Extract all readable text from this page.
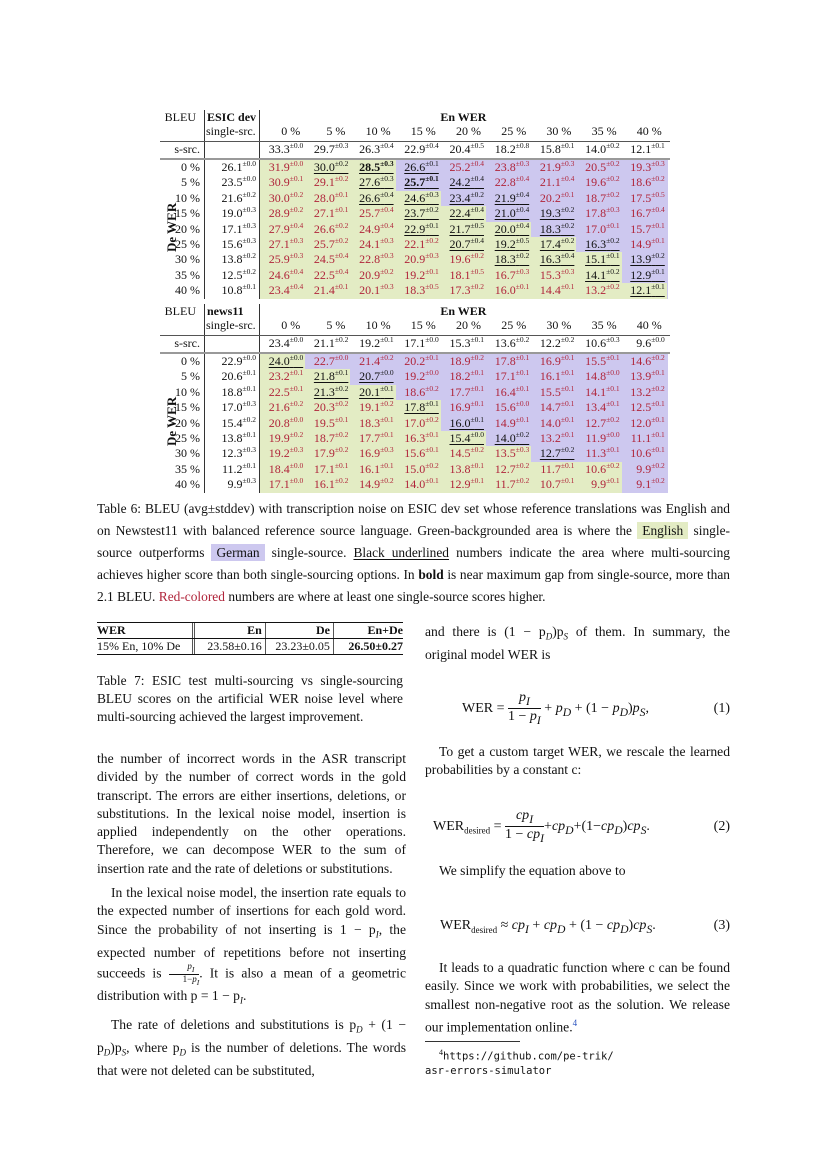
BLEU ESIC dev	En WER
single-src.	0 %	5 %	10 %	15 %	20 %	25 %	30 %	35 %	40 %
s-src.	$33.3^{\pm 0.0}$ $29.7^{\pm 0.3}$ $26.3^{\pm 0.4}$ $22.9^{\pm 0.4}$ $20.4^{\pm 0.5}$ $18.2^{\pm 0.8}$ $15.8^{\pm 0.1}$ $14.0^{\pm 0.2}$ $12.1^{\pm 0.1}$
0 %	$26.1^{\pm 0.0}$	$31.9^{\pm 0.0}$ $30.0^{\pm 0.2}$ $28.5^{\pm 0.3}$ $26.6^{\pm 0.1}$ $25.2^{\pm 0.4}$ $23.8^{\pm 0.3}$ $21.9^{\pm 0.3}$ $20.5^{\pm 0.2}$ $19.3^{\pm 0.3}$
5 %	$23.5^{\pm 0.0}$	$30.9^{\pm 0.1}$ $29.1^{\pm 0.2}$ $27.6^{\pm 0.3}$ $25.7^{\pm 0.1}$ $24.2^{\pm 0.4}$ $22.8^{\pm 0.4}$ $21.1^{\pm 0.4}$ $19.6^{\pm 0.2}$ $18.6^{\pm 0.2}$
10 %	$21.6^{\pm 0.2}$	$30.0^{\pm 0.2}$ $28.0^{\pm 0.1}$ $26.6^{\pm 0.4}$ $24.6^{\pm 0.3}$ $23.4^{\pm 0.2}$ $21.9^{\pm 0.4}$ $20.2^{\pm 0.1}$ $18.7^{\pm 0.2}$ $17.5^{\pm 0.5}$
15 %	$19.0^{\pm 0.3}$	$28.9^{\pm 0.2}$ $27.1^{\pm 0.1}$ $25.7^{\pm 0.4}$ $23.7^{\pm 0.2}$ $22.4^{\pm 0.4}$ $21.0^{\pm 0.4}$ $19.3^{\pm 0.2}$ $17.8^{\pm 0.3}$ $16.7^{\pm 0.4}$
20 %	$17.1^{\pm 0.3}$	$27.9^{\pm 0.4}$ $26.6^{\pm 0.2}$ $24.9^{\pm 0.4}$ $22.9^{\pm 0.1}$ $21.7^{\pm 0.5}$ $20.0^{\pm 0.4}$ $18.3^{\pm 0.2}$ $17.0^{\pm 0.1}$ $15.7^{\pm 0.1}$
25 %	$15.6^{\pm 0.3}$	$27.1^{\pm 0.3}$ $25.7^{\pm 0.2}$ $24.1^{\pm 0.3}$ $22.1^{\pm 0.2}$ $20.7^{\pm 0.4}$ $19.2^{\pm 0.5}$ $17.4^{\pm 0.2}$ $16.3^{\pm 0.2}$ $14.9^{\pm 0.1}$
30 %	$13.8^{\pm 0.2}$	$25.9^{\pm 0.3}$ $24.5^{\pm 0.4}$ $22.8^{\pm 0.3}$ $20.9^{\pm 0.3}$ $19.6^{\pm 0.2}$ $18.3^{\pm 0.2}$ $16.3^{\pm 0.4}$ $15.1^{\pm 0.1}$ $13.9^{\pm 0.2}$
35 %	$12.5^{\pm 0.2}$	$24.6^{\pm 0.4}$ $22.5^{\pm 0.4}$ $20.9^{\pm 0.2}$ $19.2^{\pm 0.1}$ $18.1^{\pm 0.5}$ $16.7^{\pm 0.3}$ $15.3^{\pm 0.3}$ $14.1^{\pm 0.2}$ $12.9^{\pm 0.1}$
40 %	$10.8^{\pm 0.1}$	$23.4^{\pm 0.4}$ $21.4^{\pm 0.1}$ $20.1^{\pm 0.3}$ $18.3^{\pm 0.5}$ $17.3^{\pm 0.2}$ $16.0^{\pm 0.1}$ $14.4^{\pm 0.1}$ $13.2^{\pm 0.2}$ $12.1^{\pm 0.1}$
De WER
BLEU news11	En WER
single-src.	0 %	5 %	10 %	15 %	20 %	25 %	30 %	35 %	40 %
s-src.	$23.4^{\pm 0.0}$ $21.1^{\pm 0.2}$ $19.2^{\pm 0.1}$ $17.1^{\pm 0.0}$ $15.3^{\pm 0.1}$ $13.6^{\pm 0.2}$ $12.2^{\pm 0.2}$ $10.6^{\pm 0.3}$	$9.6^{\pm 0.0}$
0 %	$22.9^{\pm 0.0}$	$24.0^{\pm 0.0}$ $22.7^{\pm 0.0}$ $21.4^{\pm 0.2}$ $20.2^{\pm 0.1}$ $18.9^{\pm 0.2}$ $17.8^{\pm 0.1}$ $16.9^{\pm 0.1}$ $15.5^{\pm 0.1}$ $14.6^{\pm 0.2}$
5 %	$20.6^{\pm 0.1}$	$23.2^{\pm 0.1}$ $21.8^{\pm 0.1}$ $20.7^{\pm 0.0}$ $19.2^{\pm 0.0}$ $18.2^{\pm 0.1}$ $17.1^{\pm 0.1}$ $16.1^{\pm 0.1}$ $14.8^{\pm 0.0}$ $13.9^{\pm 0.1}$
10 %	$18.8^{\pm 0.1}$	$22.5^{\pm 0.1}$ $21.3^{\pm 0.2}$ $20.1^{\pm 0.1}$ $18.6^{\pm 0.2}$ $17.7^{\pm 0.1}$ $16.4^{\pm 0.1}$ $15.5^{\pm 0.1}$ $14.1^{\pm 0.1}$ $13.2^{\pm 0.2}$
15 %	$17.0^{\pm 0.3}$	$21.6^{\pm 0.2}$ $20.3^{\pm 0.2}$ $19.1^{\pm 0.2}$ $17.8^{\pm 0.1}$ $16.9^{\pm 0.1}$ $15.6^{\pm 0.0}$ $14.7^{\pm 0.1}$ $13.4^{\pm 0.1}$ $12.5^{\pm 0.1}$
20 %	$15.4^{\pm 0.2}$	$20.8^{\pm 0.0}$ $19.5^{\pm 0.1}$ $18.3^{\pm 0.1}$ $17.0^{\pm 0.2}$ $16.0^{\pm 0.1}$ $14.9^{\pm 0.1}$ $14.0^{\pm 0.1}$ $12.7^{\pm 0.2}$ $12.0^{\pm 0.1}$
25 %	$13.8^{\pm 0.1}$	$19.9^{\pm 0.2}$ $18.7^{\pm 0.2}$ $17.7^{\pm 0.1}$ $16.3^{\pm 0.1}$ $15.4^{\pm 0.0}$ $14.0^{\pm 0.2}$ $13.2^{\pm 0.1}$ $11.9^{\pm 0.0}$ $11.1^{\pm 0.1}$
30 %	$12.3^{\pm 0.3}$	$19.2^{\pm 0.3}$ $17.9^{\pm 0.2}$ $16.9^{\pm 0.3}$ $15.6^{\pm 0.1}$ $14.5^{\pm 0.2}$ $13.5^{\pm 0.3}$ $12.7^{\pm 0.2}$ $11.3^{\pm 0.1}$ $10.6^{\pm 0.1}$
35 %	$11.2^{\pm 0.1}$	$18.4^{\pm 0.0}$ $17.1^{\pm 0.1}$ $16.1^{\pm 0.1}$ $15.0^{\pm 0.2}$ $13.8^{\pm 0.1}$ $12.7^{\pm 0.2}$ $11.7^{\pm 0.1}$ $10.6^{\pm 0.2}$	$9.9^{\pm 0.2}$
40 %	$9.9^{\pm 0.3}$	$17.1^{\pm 0.0}$ $16.1^{\pm 0.2}$ $14.9^{\pm 0.2}$ $14.0^{\pm 0.1}$ $12.9^{\pm 0.1}$ $11.7^{\pm 0.2}$ $10.7^{\pm 0.1}$	$9.9^{\pm 0.1}$	$9.1^{\pm 0.2}$
De WER
Table 6: BLEU (avg±stddev) with transcription noise on ESIC dev set whose reference translations was English and on Newstest11 with balanced reference source language. Green-backgrounded area is where the English single-source outperforms German single-source. Black underlined numbers indicate the area where multi-sourcing achieves higher score than both single-sourcing options. In bold is near maximum gap from single-source, more than 2.1 BLEU. Red-colored numbers are where at least one single-source scores higher.
WER	En	De	En+De
15% En, 10% De	23.58±0.16	23.23±0.05	26.50±0.27
Table 7: ESIC test multi-sourcing vs single-sourcing BLEU scores on the artificial WER noise level where multi-sourcing achieved the largest improvement.
the number of incorrect words in the ASR transcript divided by the number of correct words in the gold transcript. The errors are either insertions, deletions, or substitutions. In the lexical noise model, insertion is applied independently on the other operations. Therefore, we can decompose WER to the sum of insertion rate and the rate of deletions or substitutions.
In the lexical noise model, the insertion rate equals to the expected number of insertions for each gold word. Since the probability of not inserting is $1 - p_I$, the expected number of repetitions before not inserting succeeds is $\frac{p_I}{1-p_I}$ . It is also a mean of a geometric distribution with $p = 1 - p_I$.
The rate of deletions and substitutions is $p_D + (1 - p_D)p_S$, where $p_D$ is the number of deletions. The words that were not deleted can be substituted,
and there is $(1 - p_D)p_S$ of them. In summary, the original model WER is
WER = $\frac{p_I}{1 - p_I} + p_D + (1 - p_D)p_S$,	(1)
To get a custom target WER, we rescale the learned probabilities by a constant c:
$WER_{desired} = \frac{cp_I}{1 - cp_I} +cp_D+(1-cp_D)cp_S$.	(2)
We simplify the equation above to
$WER_{desired} \approx cp_I + cp_D + (1 - cp_D)cp_S$.	(3)
It leads to a quadratic function where c can be found easily. Since we work with probabilities, we select the smallest non-negative root as the solution. We release our implementation online.$^4$
$^4$https://github.com/pe-trik/
asr-errors-simulator
